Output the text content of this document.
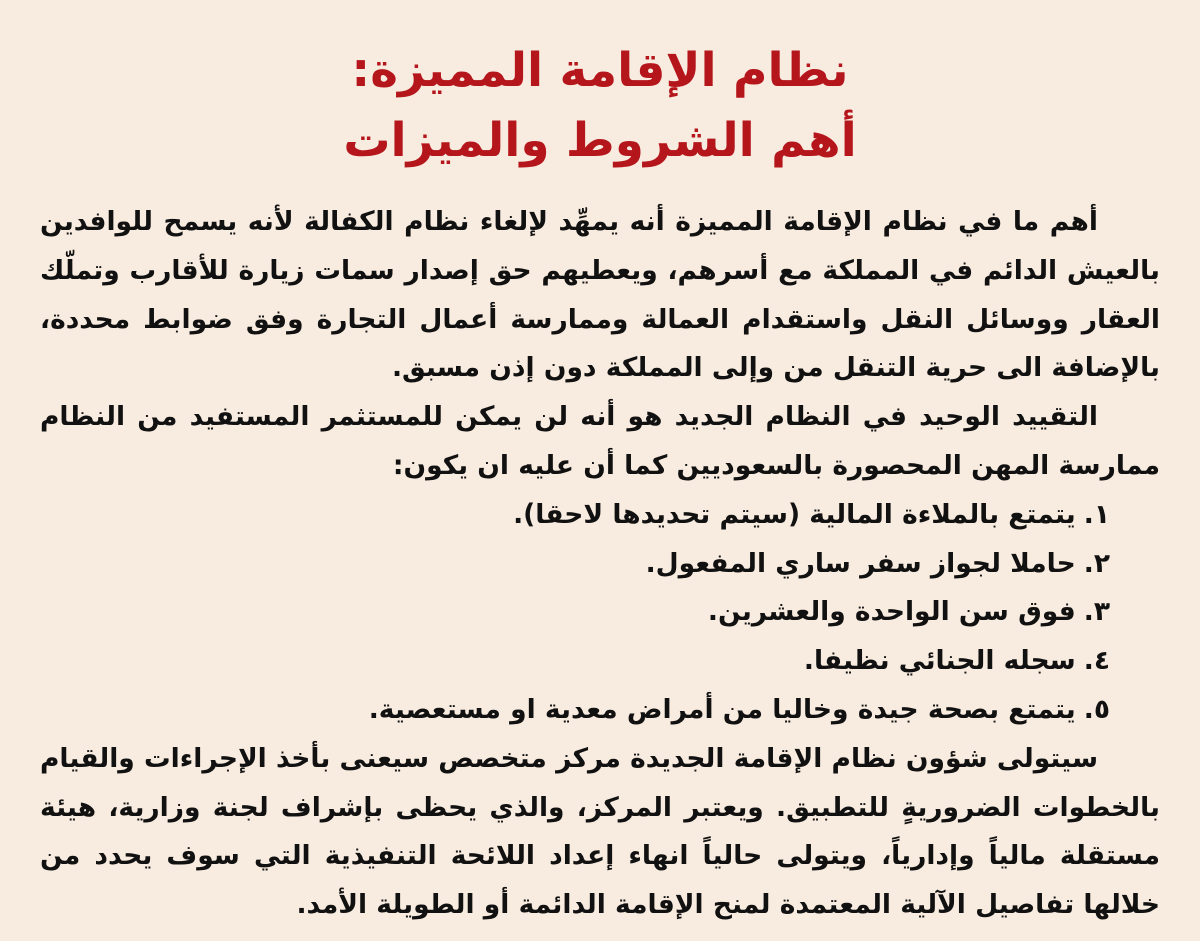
نظام الإقامة المميزة:
أهم الشروط والميزات

أهم ما في نظام الإقامة المميزة أنه يمهِّد لإلغاء نظام الكفالة لأنه يسمح للوافدين بالعيش الدائم في المملكة مع أسرهم، ويعطيهم حق إصدار سمات زيارة للأقارب وتملّك العقار ووسائل النقل واستقدام العمالة وممارسة أعمال التجارة وفق ضوابط محددة، بالإضافة الى حرية التنقل من وإلى المملكة دون إذن مسبق.

التقييد الوحيد في النظام الجديد هو أنه لن يمكن للمستثمر المستفيد من النظام ممارسة المهن المحصورة بالسعوديين كما أن عليه ان يكون:

١.يتمتع بالملاءة المالية (سيتم تحديدها لاحقا).
٢.حاملا لجواز سفر ساري المفعول.
٣.فوق سن الواحدة والعشرين.
٤.سجله الجنائي نظيفا.
٥.يتمتع بصحة جيدة وخاليا من أمراض معدية او مستعصية.

سيتولى شؤون نظام الإقامة الجديدة مركز متخصص سيعنى بأخذ الإجراءات والقيام بالخطوات الضروريةٍ للتطبيق. ويعتبر المركز، والذي يحظى بإشراف لجنة وزارية، هيئة مستقلة مالياً وإدارياً، ويتولى حالياً انهاء إعداد اللائحة التنفيذية التي سوف يحدد من خلالها تفاصيل الآلية المعتمدة لمنح الإقامة الدائمة أو الطويلة الأمد.
